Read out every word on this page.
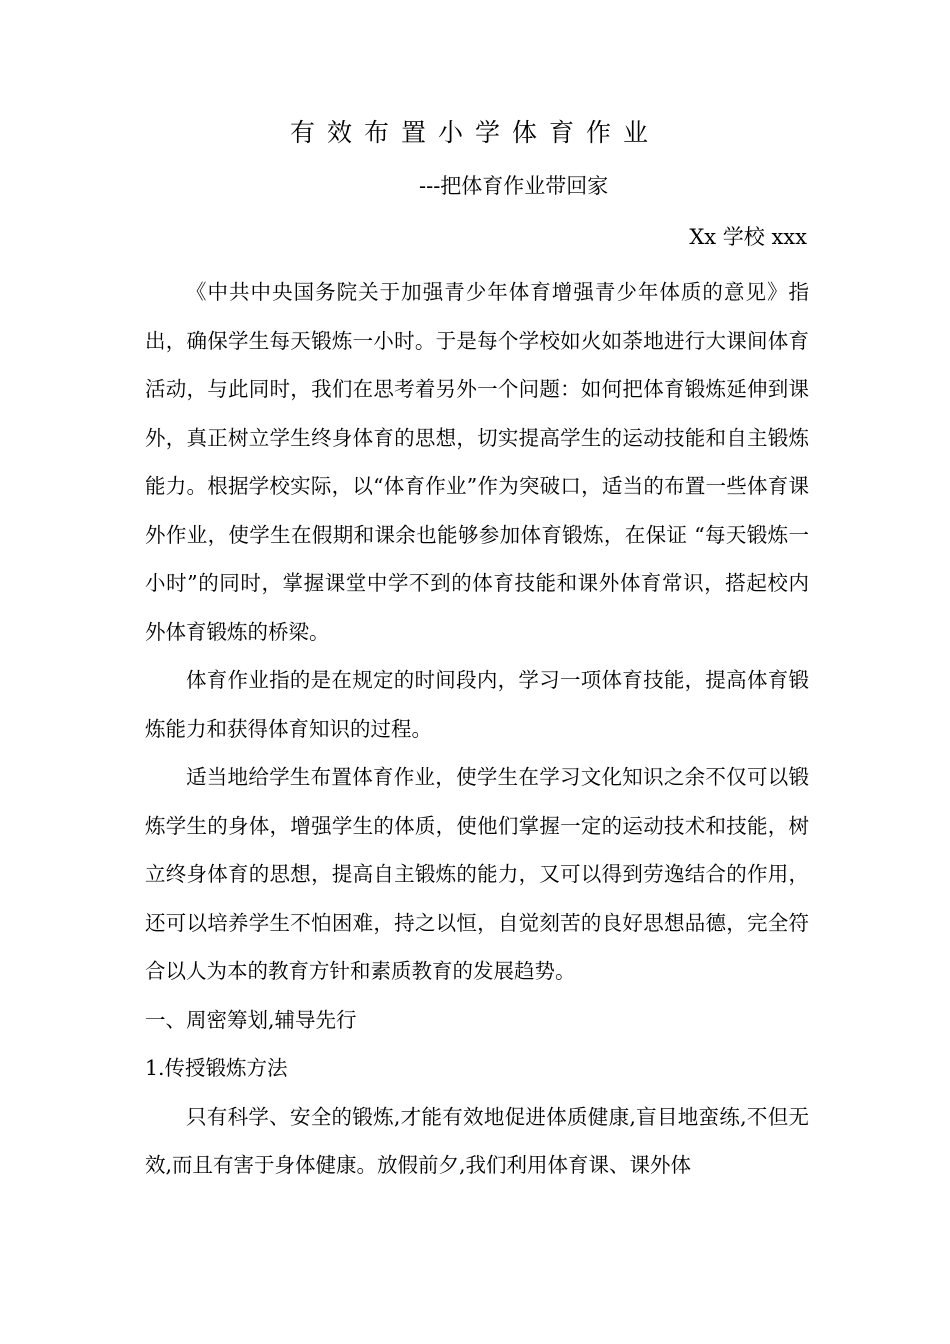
有效布置小学体育作业
---把体育作业带回家
Xx 学校 xxx

《中共中央国务院关于加强青少年体育增强青少年体质的意见》指出，确保学生每天锻炼一小时。于是每个学校如火如荼地进行大课间体育活动，与此同时，我们在思考着另外一个问题：如何把体育锻炼延伸到课外，真正树立学生终身体育的思想，切实提高学生的运动技能和自主锻炼能力。根据学校实际，以“体育作业”作为突破口，适当的布置一些体育课外作业，使学生在假期和课余也能够参加体育锻炼，在保证 “每天锻炼一小时”的同时，掌握课堂中学不到的体育技能和课外体育常识，搭起校内外体育锻炼的桥梁。

体育作业指的是在规定的时间段内，学习一项体育技能，提高体育锻炼能力和获得体育知识的过程。

适当地给学生布置体育作业，使学生在学习文化知识之余不仅可以锻炼学生的身体，增强学生的体质，使他们掌握一定的运动技术和技能，树立终身体育的思想，提高自主锻炼的能力，又可以得到劳逸结合的作用，还可以培养学生不怕困难，持之以恒，自觉刻苦的良好思想品德，完全符合以人为本的教育方针和素质教育的发展趋势。

一、周密筹划,辅导先行

1.传授锻炼方法

只有科学、安全的锻炼,才能有效地促进体质健康,盲目地蛮练,不但无效,而且有害于身体健康。放假前夕,我们利用体育课、课外体
